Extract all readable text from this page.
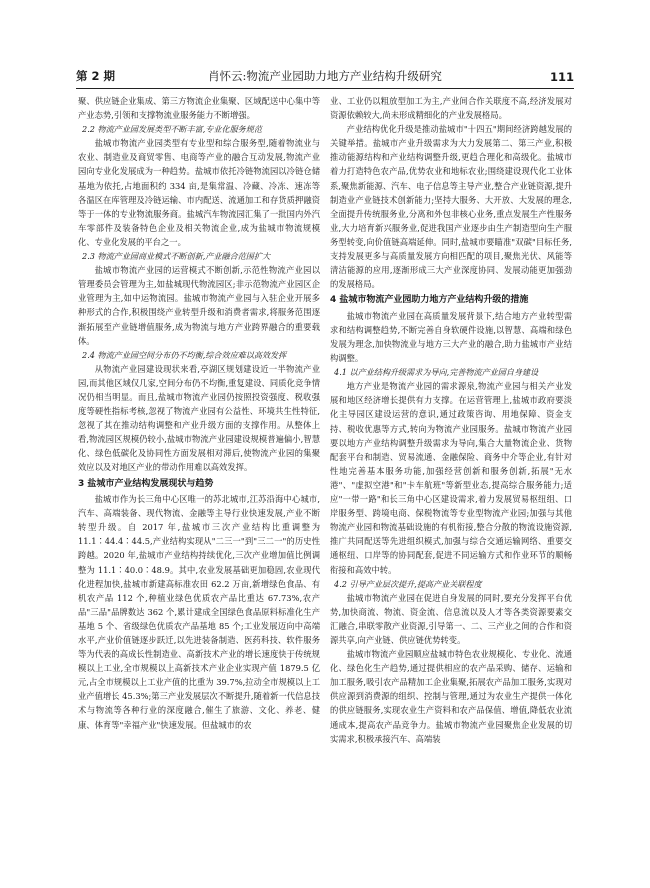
第 2 期	肖怀云:物流产业园助力地方产业结构升级研究	111

聚、供应链企业集成、第三方物流企业集聚、区域配送中心集中等产业态势,引领和支撑物流业服务能力不断增强。

2.2 物流产业园发展类型不断丰富,专业化服务规范

盐城市物流产业园类型有专业型和综合服务型,随着物流业与农业、制造业及商贸零售、电商等产业的融合互动发展,物流产业园向专业化发展成为一种趋势。盐城市依托冷链物流园以冷链仓储基地为依托,占地面积约 334 亩,是集常温、冷藏、冷冻、速冻等各温区在库管理及冷链运输、市内配送、流通加工和存货质押融资等于一体的专业物流服务商。盐城汽车物流园汇集了一批国内外汽车零部件及装备特色企业及相关物流企业,成为盐城市物流规模化、专业化发展的平台之一。

2.3 物流产业园商业模式不断创新,产业融合范围扩大

盐城市物流产业园的运营模式不断创新,示范性物流产业园以管理委员会管理为主,如盐城现代物流园区;非示范物流产业园区企业管理为主,如中运物流园。盐城市物流产业园与入驻企业开展多种形式的合作,积极围绕产业转型升级和消费者需求,将服务范围逐渐拓展至产业链增值服务,成为物流与地方产业跨界融合的重要载体。

2.4 物流产业园空间分布仍不均衡,综合效应难以高效发挥

从物流产业园建设现状来看,亭湖区规划建设近一半物流产业园,而其他区域仅几家,空间分布仍不均衡,重复建设、同质化竞争情况仍相当明显。而且,盐城市物流产业园仍按照投资强度、税收强度等硬性指标考核,忽视了物流产业园有公益性、环境共生性特征,忽视了其在推动结构调整和产业升级方面的支撑作用。从整体上看,物流园区规模仍较小,盐城市物流产业园建设规模普遍偏小,智慧化、绿色低碳化及协同性方面发展相对滞后,使物流产业园的集聚效应以及对地区产业的带动作用难以高效发挥。

3 盐城市产业结构发展现状与趋势

盐城市作为长三角中心区唯一的苏北城市,江苏沿海中心城市,汽车、高端装备、现代物流、金融等主导行业快速发展,产业不断转型升级。自 2017 年,盐城市三次产业结构比重调整为 11.1∶44.4∶44.5,产业结构实现从"二三一"到"三二一"的历史性跨越。2020 年,盐城市产业结构持续优化,三次产业增加值比例调整为 11.1∶40.0∶48.9。其中,农业发展基础更加稳固,农业现代化进程加快,盐城市新建高标准农田 62.2 万亩,新增绿色食品、有机农产品 112 个,种植业绿色优质农产品比重达 67.73%,农产品"三品"品牌数达 362 个,累计建成全国绿色食品原料标准化生产基地 5 个、省级绿色优质农产品基地 85 个;工业发展迈向中高端水平,产业价值链逐步跃迁,以先进装备制造、医药科技、软件服务等为代表的高成长性制造业、高新技术产业的增长速度快于传统规模以上工业,全市规模以上高新技术产业企业实现产值 1879.5 亿元,占全市规模以上工业产值的比重为 39.7%,拉动全市规模以上工业产值增长 45.3%;第三产业发展层次不断提升,随着新一代信息技术与物流等各种行业的深度融合,催生了旅游、文化、养老、健康、体育等"幸福产业"快速发展。但盐城市的农

业、工业仍以粗放型加工为主,产业间合作关联度不高,经济发展对资源依赖较大,尚未形成精细化的产业发展格局。

产业结构优化升级是推动盐城市"十四五"期间经济跨越发展的关键举措。盐城市产业升级需求为大力发展第二、第三产业,积极推动能源结构和产业结构调整升级,更趋合理化和高级化。盐城市着力打造特色农产品,优势农业和地标农业;围绕建设现代化工业体系,聚焦新能源、汽车、电子信息等主导产业,整合产业链资源,提升制造业产业链技术创新能力;坚持大服务、大开放、大发展的理念,全面提升传统服务业,分离和外包非核心业务,重点发展生产性服务业,大力培育新兴服务业,促进我国产业逐步由生产制造型向生产服务型转变,向价值链高端延伸。同时,盐城市要瞄准"双碳"目标任务,支持发展更多与高质量发展方向相匹配的项目,聚焦光伏、风能等清洁能源的应用,逐渐形成三大产业深度协同、发展动能更加强劲的发展格局。

4 盐城市物流产业园助力地方产业结构升级的措施

盐城市物流产业园在高质量发展背景下,结合地方产业转型需求和结构调整趋势,不断完善自身软硬件设施,以智慧、高端和绿色发展为理念,加快物流业与地方三大产业的融合,助力盐城市产业结构调整。

4.1 以产业结构升级需求为导向,完善物流产业园自身建设

地方产业是物流产业园的需求源泉,物流产业园与相关产业发展和地区经济增长提供有力支撑。在运营管理上,盐城市政府要淡化主导园区建设运营的意识,通过政策咨询、用地保障、资金支持、税收优惠等方式,转向为物流产业园服务。盐城市物流产业园要以地方产业结构调整升级需求为导向,集合大量物流企业、货物配套平台和制造、贸易流通、金融保险、商务中介等企业,有针对性地完善基本服务功能,加强经营创新和服务创新,拓展"无水港"、"虚拟空港"和"卡车航班"等新型业态,提高综合服务能力;适应"一带一路"和长三角中心区建设需求,着力发展贸易枢纽组、口岸服务型、跨境电商、保税物流等专业型物流产业园;加强与其他物流产业园和物流基础设施的有机衔接,整合分散的物流设施资源,推广共同配送等先进组织模式,加强与综合交通运输网络、重要交通枢纽、口岸等的协同配套,促进不同运输方式和作业环节的顺畅衔接和高效中转。

4.2 引导产业层次提升,提高产业关联程度

盐城市物流产业园在促进自身发展的同时,要充分发挥平台优势,加快商流、物流、资金流、信息流以及人才等各类资源要素交汇融合,串联零散产业资源,引导第一、二、三产业之间的合作和资源共享,向产业链、供应链优势转变。

盐城市物流产业园顺应盐城市特色农业规模化、专业化、流通化、绿色化生产趋势,通过提供相应的农产品采购、储存、运输和加工服务,吸引农产品精加工企业集聚,拓展农产品加工服务,实现对供应源到消费源的组织、控制与管理,通过为农业生产提供一体化的供应链服务,实现农业生产资料和农产品保值、增值,降低农业流通成本,提高农产品竞争力。盐城市物流产业园聚焦企业发展的切实需求,积极承接汽车、高端装
